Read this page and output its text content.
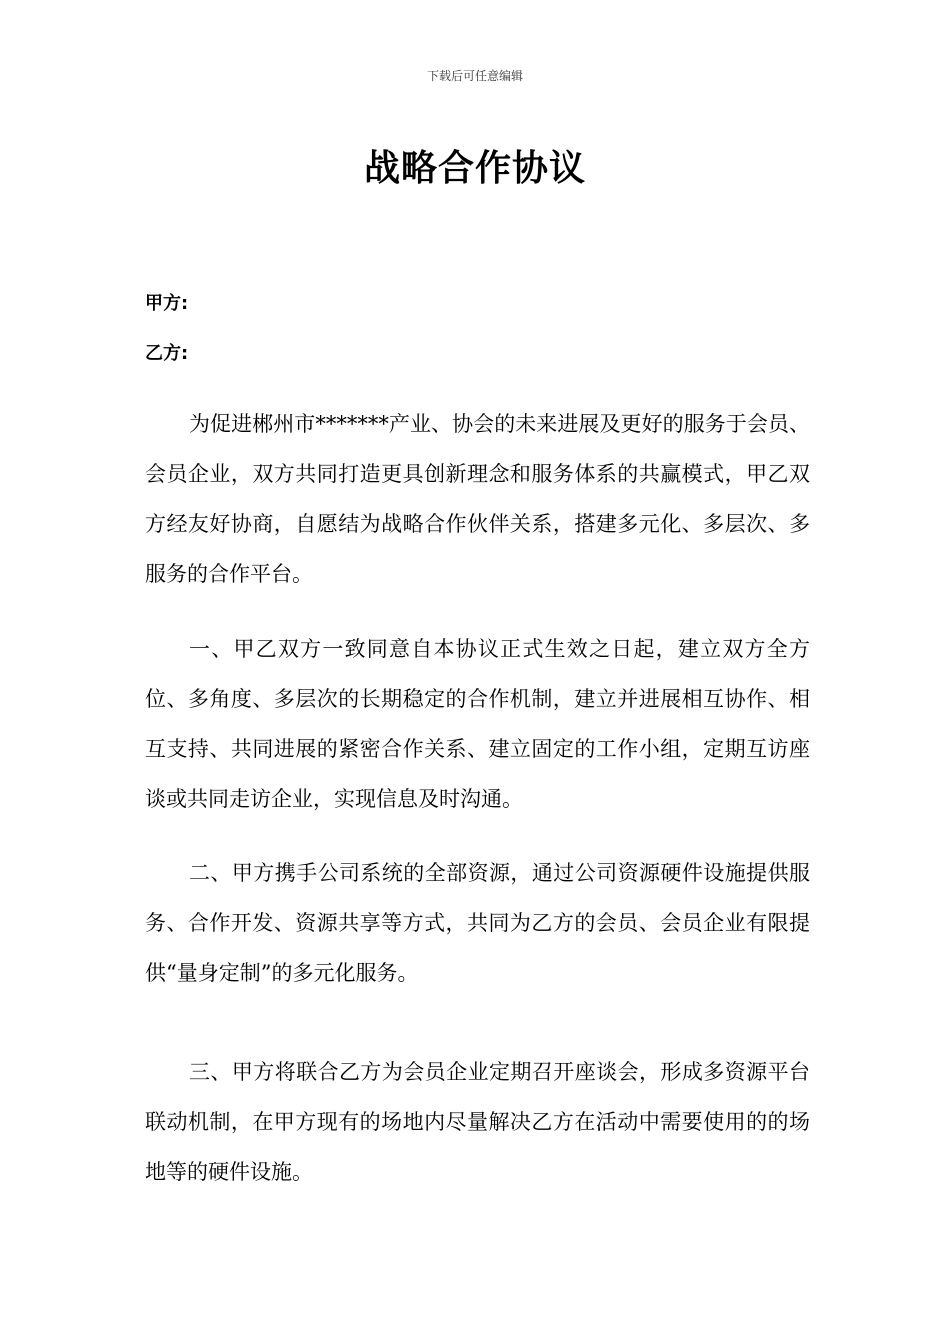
下载后可任意编辑
战略合作协议
甲方:
乙方:

为促进郴州市*******产业、协会的未来进展及更好的服务于会员、会员企业，双方共同打造更具创新理念和服务体系的共赢模式，甲乙双方经友好协商，自愿结为战略合作伙伴关系，搭建多元化、多层次、多服务的合作平台。

一、甲乙双方一致同意自本协议正式生效之日起，建立双方全方位、多角度、多层次的长期稳定的合作机制，建立并进展相互协作、相互支持、共同进展的紧密合作关系、建立固定的工作小组，定期互访座谈或共同走访企业，实现信息及时沟通。

二、甲方携手公司系统的全部资源，通过公司资源硬件设施提供服务、合作开发、资源共享等方式，共同为乙方的会员、会员企业有限提供“量身定制”的多元化服务。

三、甲方将联合乙方为会员企业定期召开座谈会，形成多资源平台联动机制，在甲方现有的场地内尽量解决乙方在活动中需要使用的的场地等的硬件设施。
